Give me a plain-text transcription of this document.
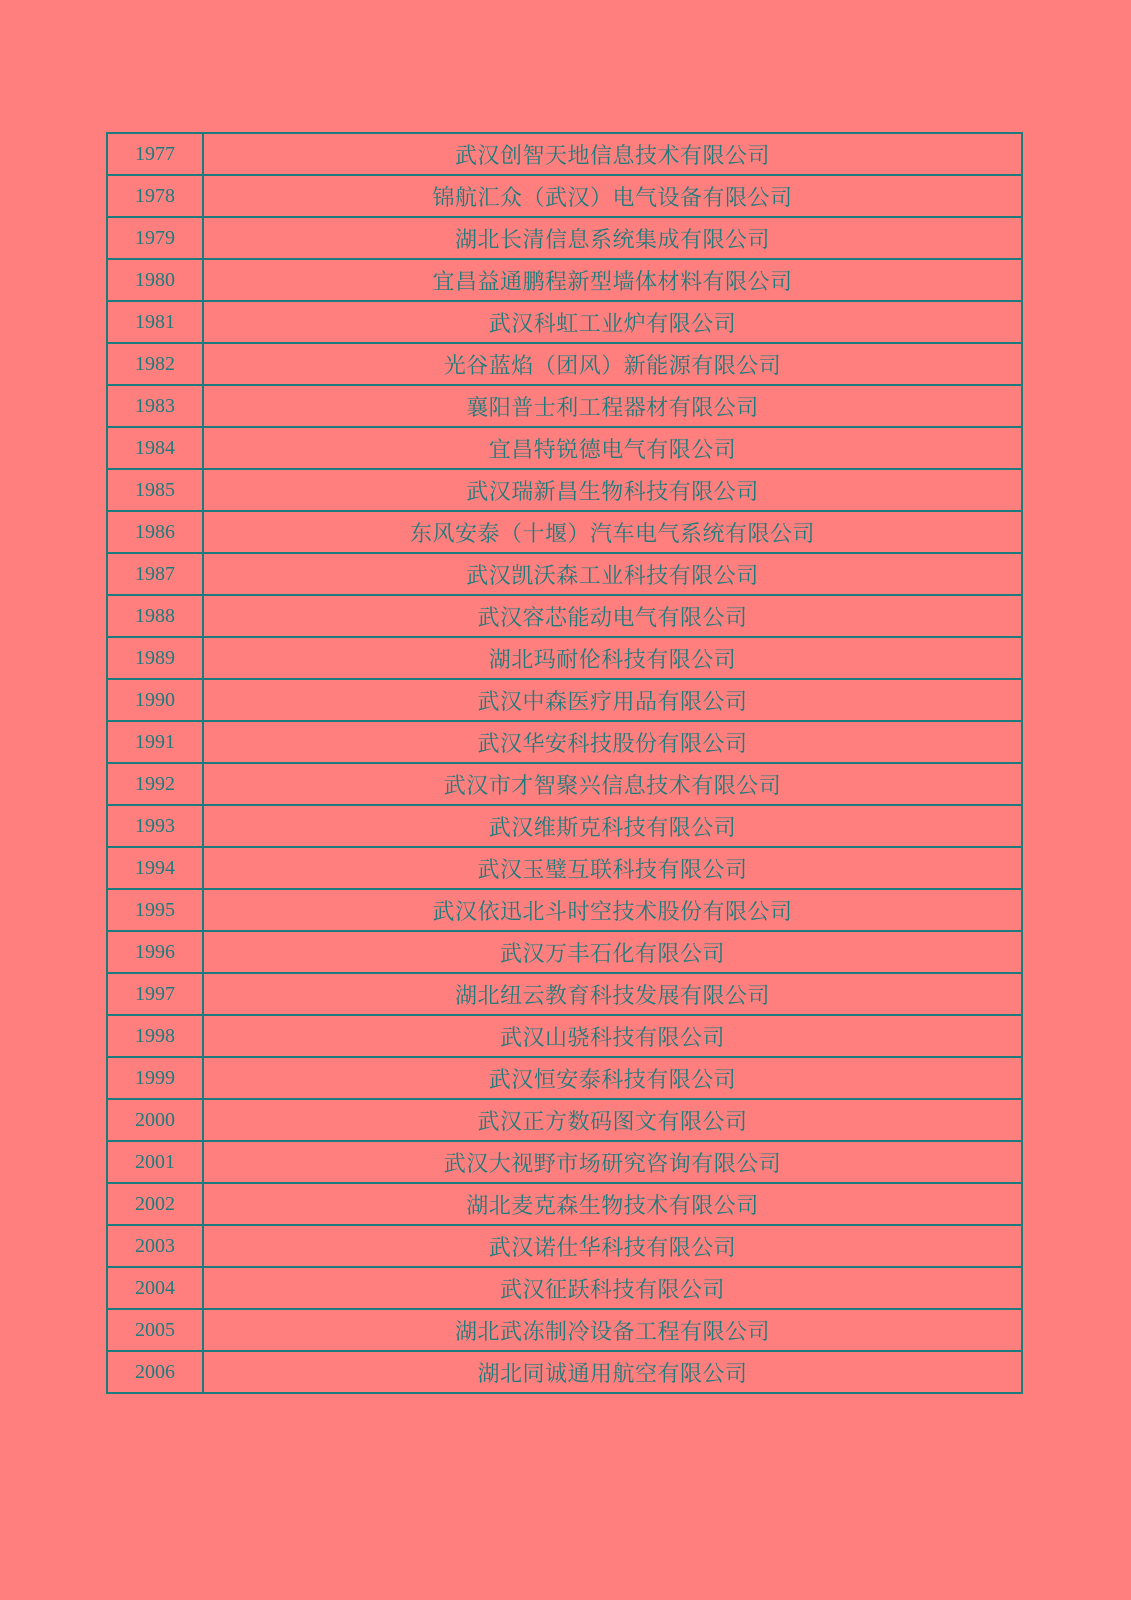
1977	武汉创智天地信息技术有限公司
1978	锦航汇众（武汉）电气设备有限公司
1979	湖北长清信息系统集成有限公司
1980	宜昌益通鹏程新型墙体材料有限公司
1981	武汉科虹工业炉有限公司
1982	光谷蓝焰（团风）新能源有限公司
1983	襄阳普士利工程器材有限公司
1984	宜昌特锐德电气有限公司
1985	武汉瑞新昌生物科技有限公司
1986	东风安泰（十堰）汽车电气系统有限公司
1987	武汉凯沃森工业科技有限公司
1988	武汉容芯能动电气有限公司
1989	湖北玛耐伦科技有限公司
1990	武汉中森医疗用品有限公司
1991	武汉华安科技股份有限公司
1992	武汉市才智聚兴信息技术有限公司
1993	武汉维斯克科技有限公司
1994	武汉玉璧互联科技有限公司
1995	武汉依迅北斗时空技术股份有限公司
1996	武汉万丰石化有限公司
1997	湖北纽云教育科技发展有限公司
1998	武汉山骁科技有限公司
1999	武汉恒安泰科技有限公司
2000	武汉正方数码图文有限公司
2001	武汉大视野市场研究咨询有限公司
2002	湖北麦克森生物技术有限公司
2003	武汉诺仕华科技有限公司
2004	武汉征跃科技有限公司
2005	湖北武冻制冷设备工程有限公司
2006	湖北同诚通用航空有限公司
